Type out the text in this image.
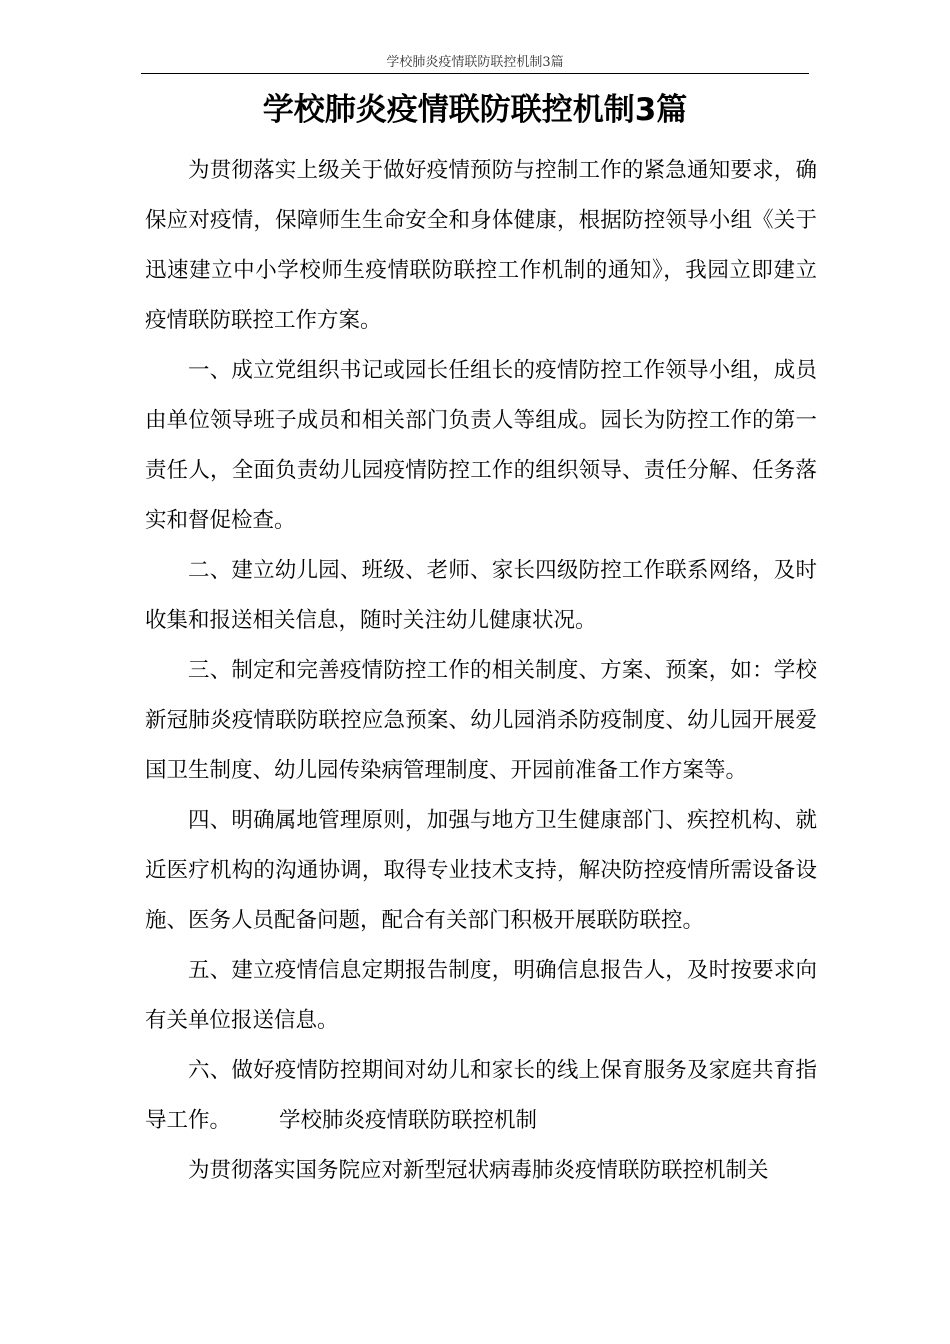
学校肺炎疫情联防联控机制3篇
学校肺炎疫情联防联控机制3篇

为贯彻落实上级关于做好疫情预防与控制工作的紧急通知要求，确保应对疫情，保障师生生命安全和身体健康，根据防控领导小组《关于迅速建立中小学校师生疫情联防联控工作机制的通知》，我园立即建立疫情联防联控工作方案。

一、成立党组织书记或园长任组长的疫情防控工作领导小组，成员由单位领导班子成员和相关部门负责人等组成。园长为防控工作的第一责任人，全面负责幼儿园疫情防控工作的组织领导、责任分解、任务落实和督促检查。

二、建立幼儿园、班级、老师、家长四级防控工作联系网络，及时收集和报送相关信息，随时关注幼儿健康状况。

三、制定和完善疫情防控工作的相关制度、方案、预案，如：学校新冠肺炎疫情联防联控应急预案、幼儿园消杀防疫制度、幼儿园开展爱国卫生制度、幼儿园传染病管理制度、开园前准备工作方案等。

四、明确属地管理原则，加强与地方卫生健康部门、疾控机构、就近医疗机构的沟通协调，取得专业技术支持，解决防控疫情所需设备设施、医务人员配备问题，配合有关部门积极开展联防联控。

五、建立疫情信息定期报告制度，明确信息报告人，及时按要求向有关单位报送信息。

六、做好疫情防控期间对幼儿和家长的线上保育服务及家庭共育指导工作。 学校肺炎疫情联防联控机制

为贯彻落实国务院应对新型冠状病毒肺炎疫情联防联控机制关
